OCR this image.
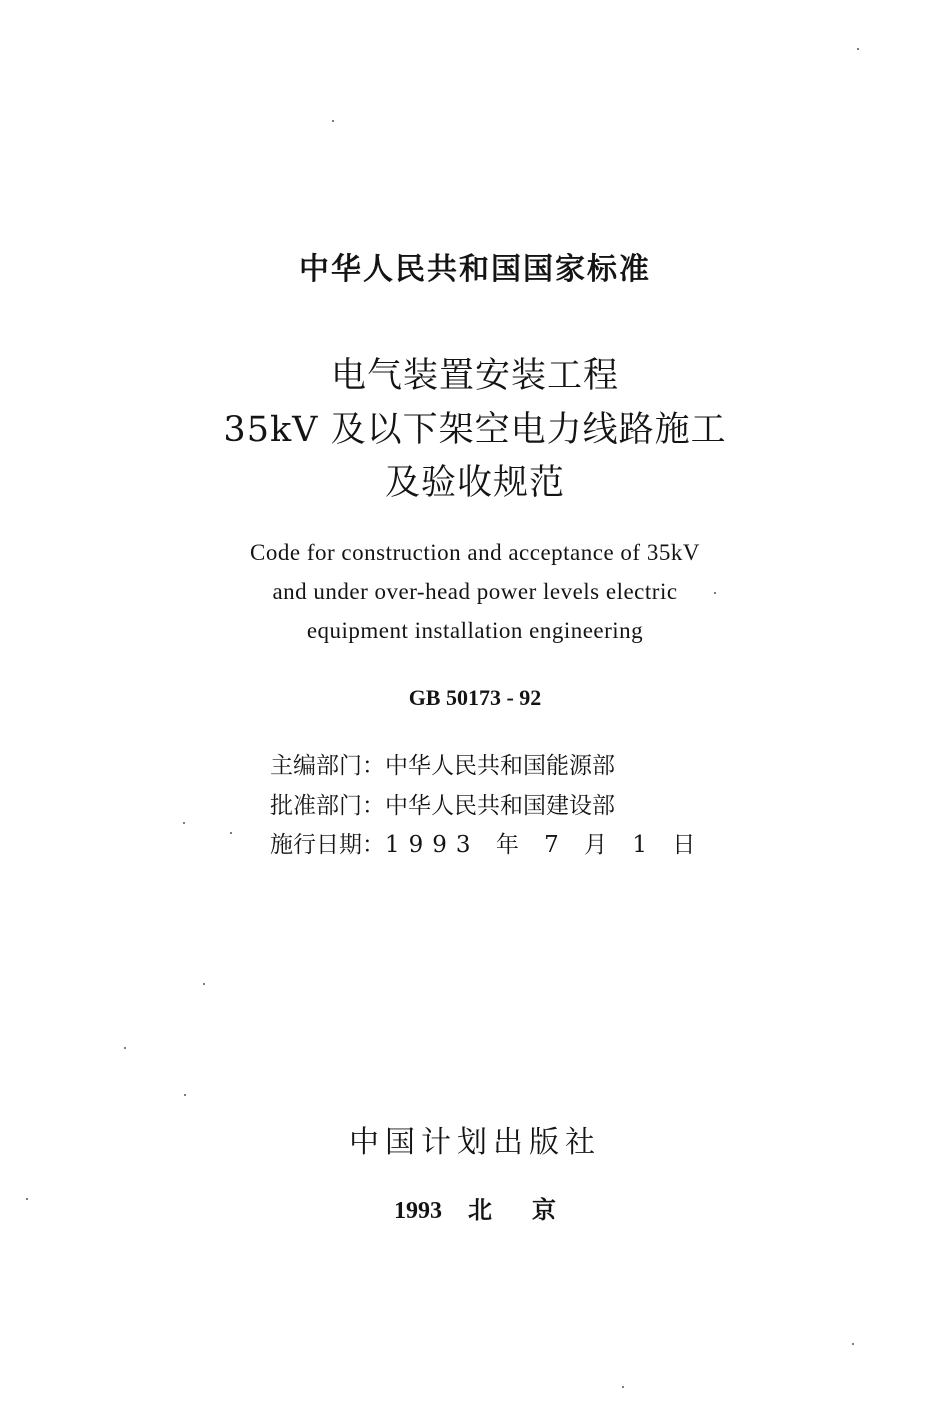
中华人民共和国国家标准
电气装置安装工程
35kV 及以下架空电力线路施工
及验收规范
Code for construction and acceptance of 35kV
and under over-head power levels electric
equipment installation engineering
GB 50173 - 92
主编部门：中华人民共和国能源部
批准部门：中华人民共和国建设部
施行日期：1993 年 7 月 1 日
中国计划出版社
1993 北京
